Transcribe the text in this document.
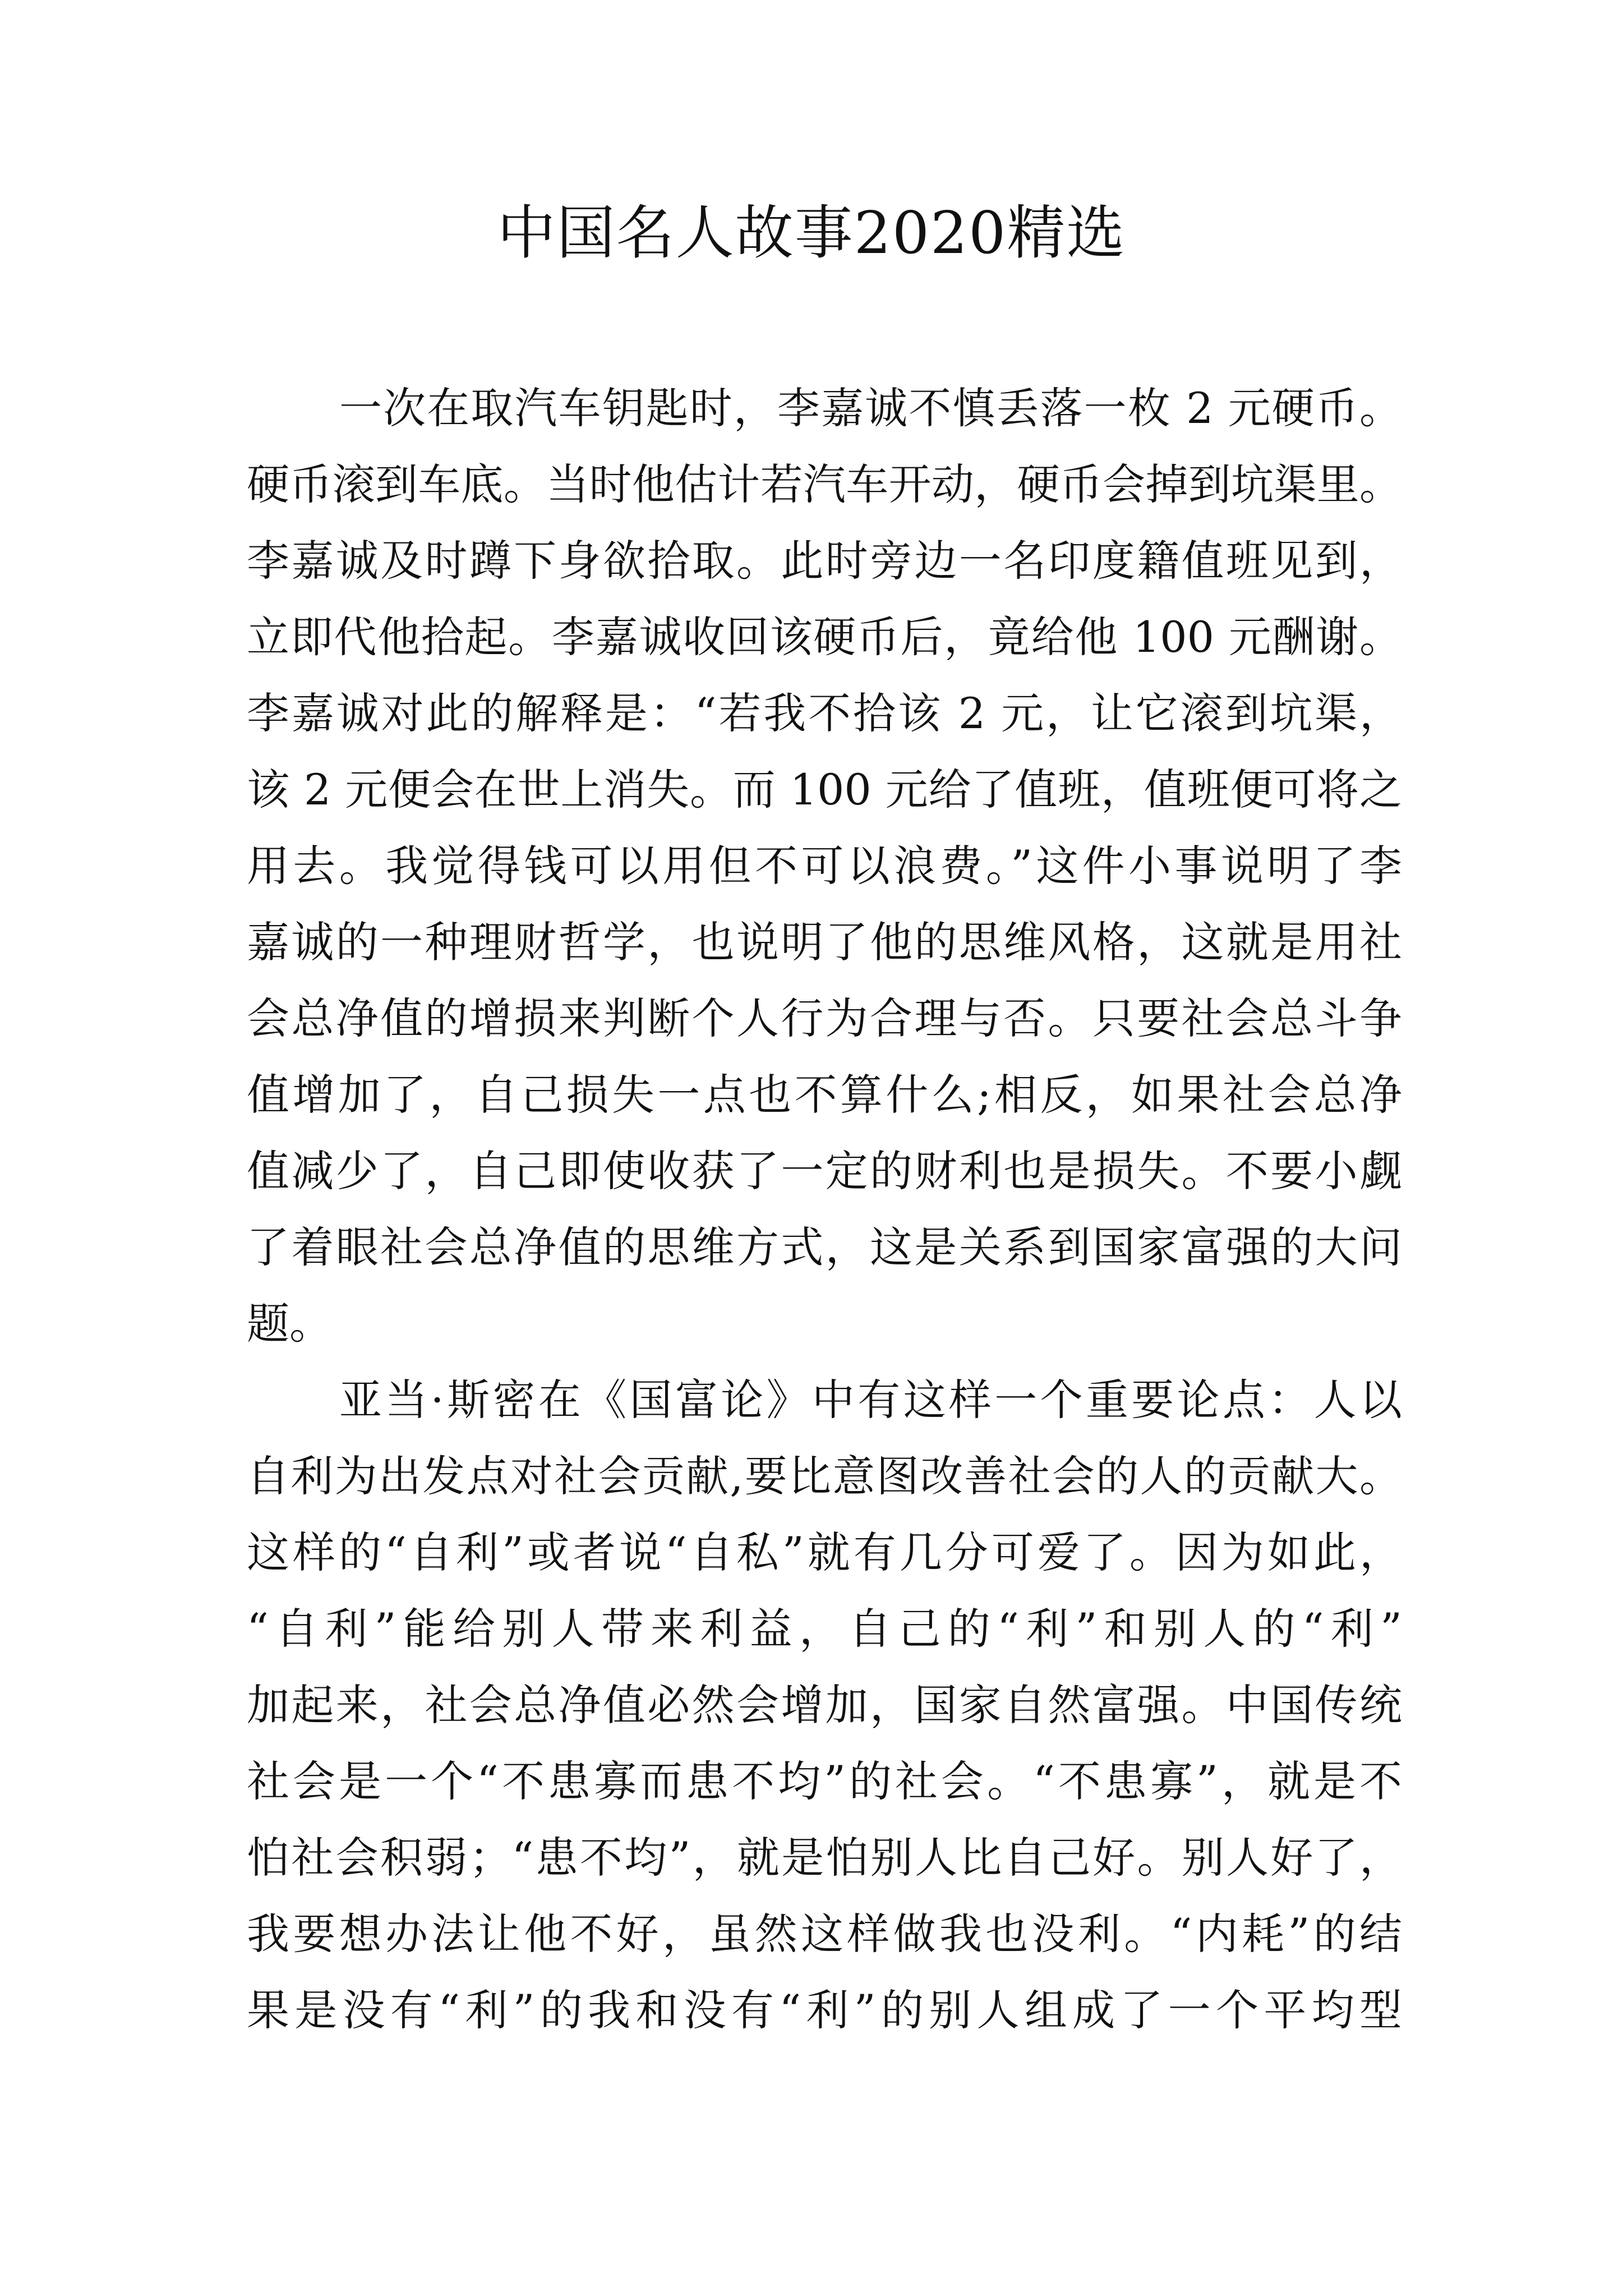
中国名人故事2020精选
一次在取汽车钥匙时，李嘉诚不慎丢落一枚 2 元硬币。
硬币滚到车底。当时他估计若汽车开动，硬币会掉到坑渠里。
李嘉诚及时蹲下身欲拾取。此时旁边一名印度籍值班见到，
立即代他拾起。李嘉诚收回该硬币后，竟给他 100 元酬谢。
李嘉诚对此的解释是：“若我不拾该 2 元，让它滚到坑渠，
该 2 元便会在世上消失。而 100 元给了值班，值班便可将之
用去。我觉得钱可以用但不可以浪费。”这件小事说明了李
嘉诚的一种理财哲学，也说明了他的思维风格，这就是用社
会总净值的增损来判断个人行为合理与否。只要社会总斗争
值增加了，自己损失一点也不算什么;相反，如果社会总净
值减少了，自己即使收获了一定的财利也是损失。不要小觑
了着眼社会总净值的思维方式，这是关系到国家富强的大问
题。
亚当·斯密在《国富论》中有这样一个重要论点：人以
自利为出发点对社会贡献,要比意图改善社会的人的贡献大。
这样的“自利”或者说“自私”就有几分可爱了。因为如此，
“自利”能给别人带来利益，自己的“利”和别人的“利”
加起来，社会总净值必然会增加，国家自然富强。中国传统
社会是一个“不患寡而患不均”的社会。“不患寡”，就是不
怕社会积弱；“患不均”，就是怕别人比自己好。别人好了，
我要想办法让他不好，虽然这样做我也没利。“内耗”的结
果是没有“利”的我和没有“利”的别人组成了一个平均型
